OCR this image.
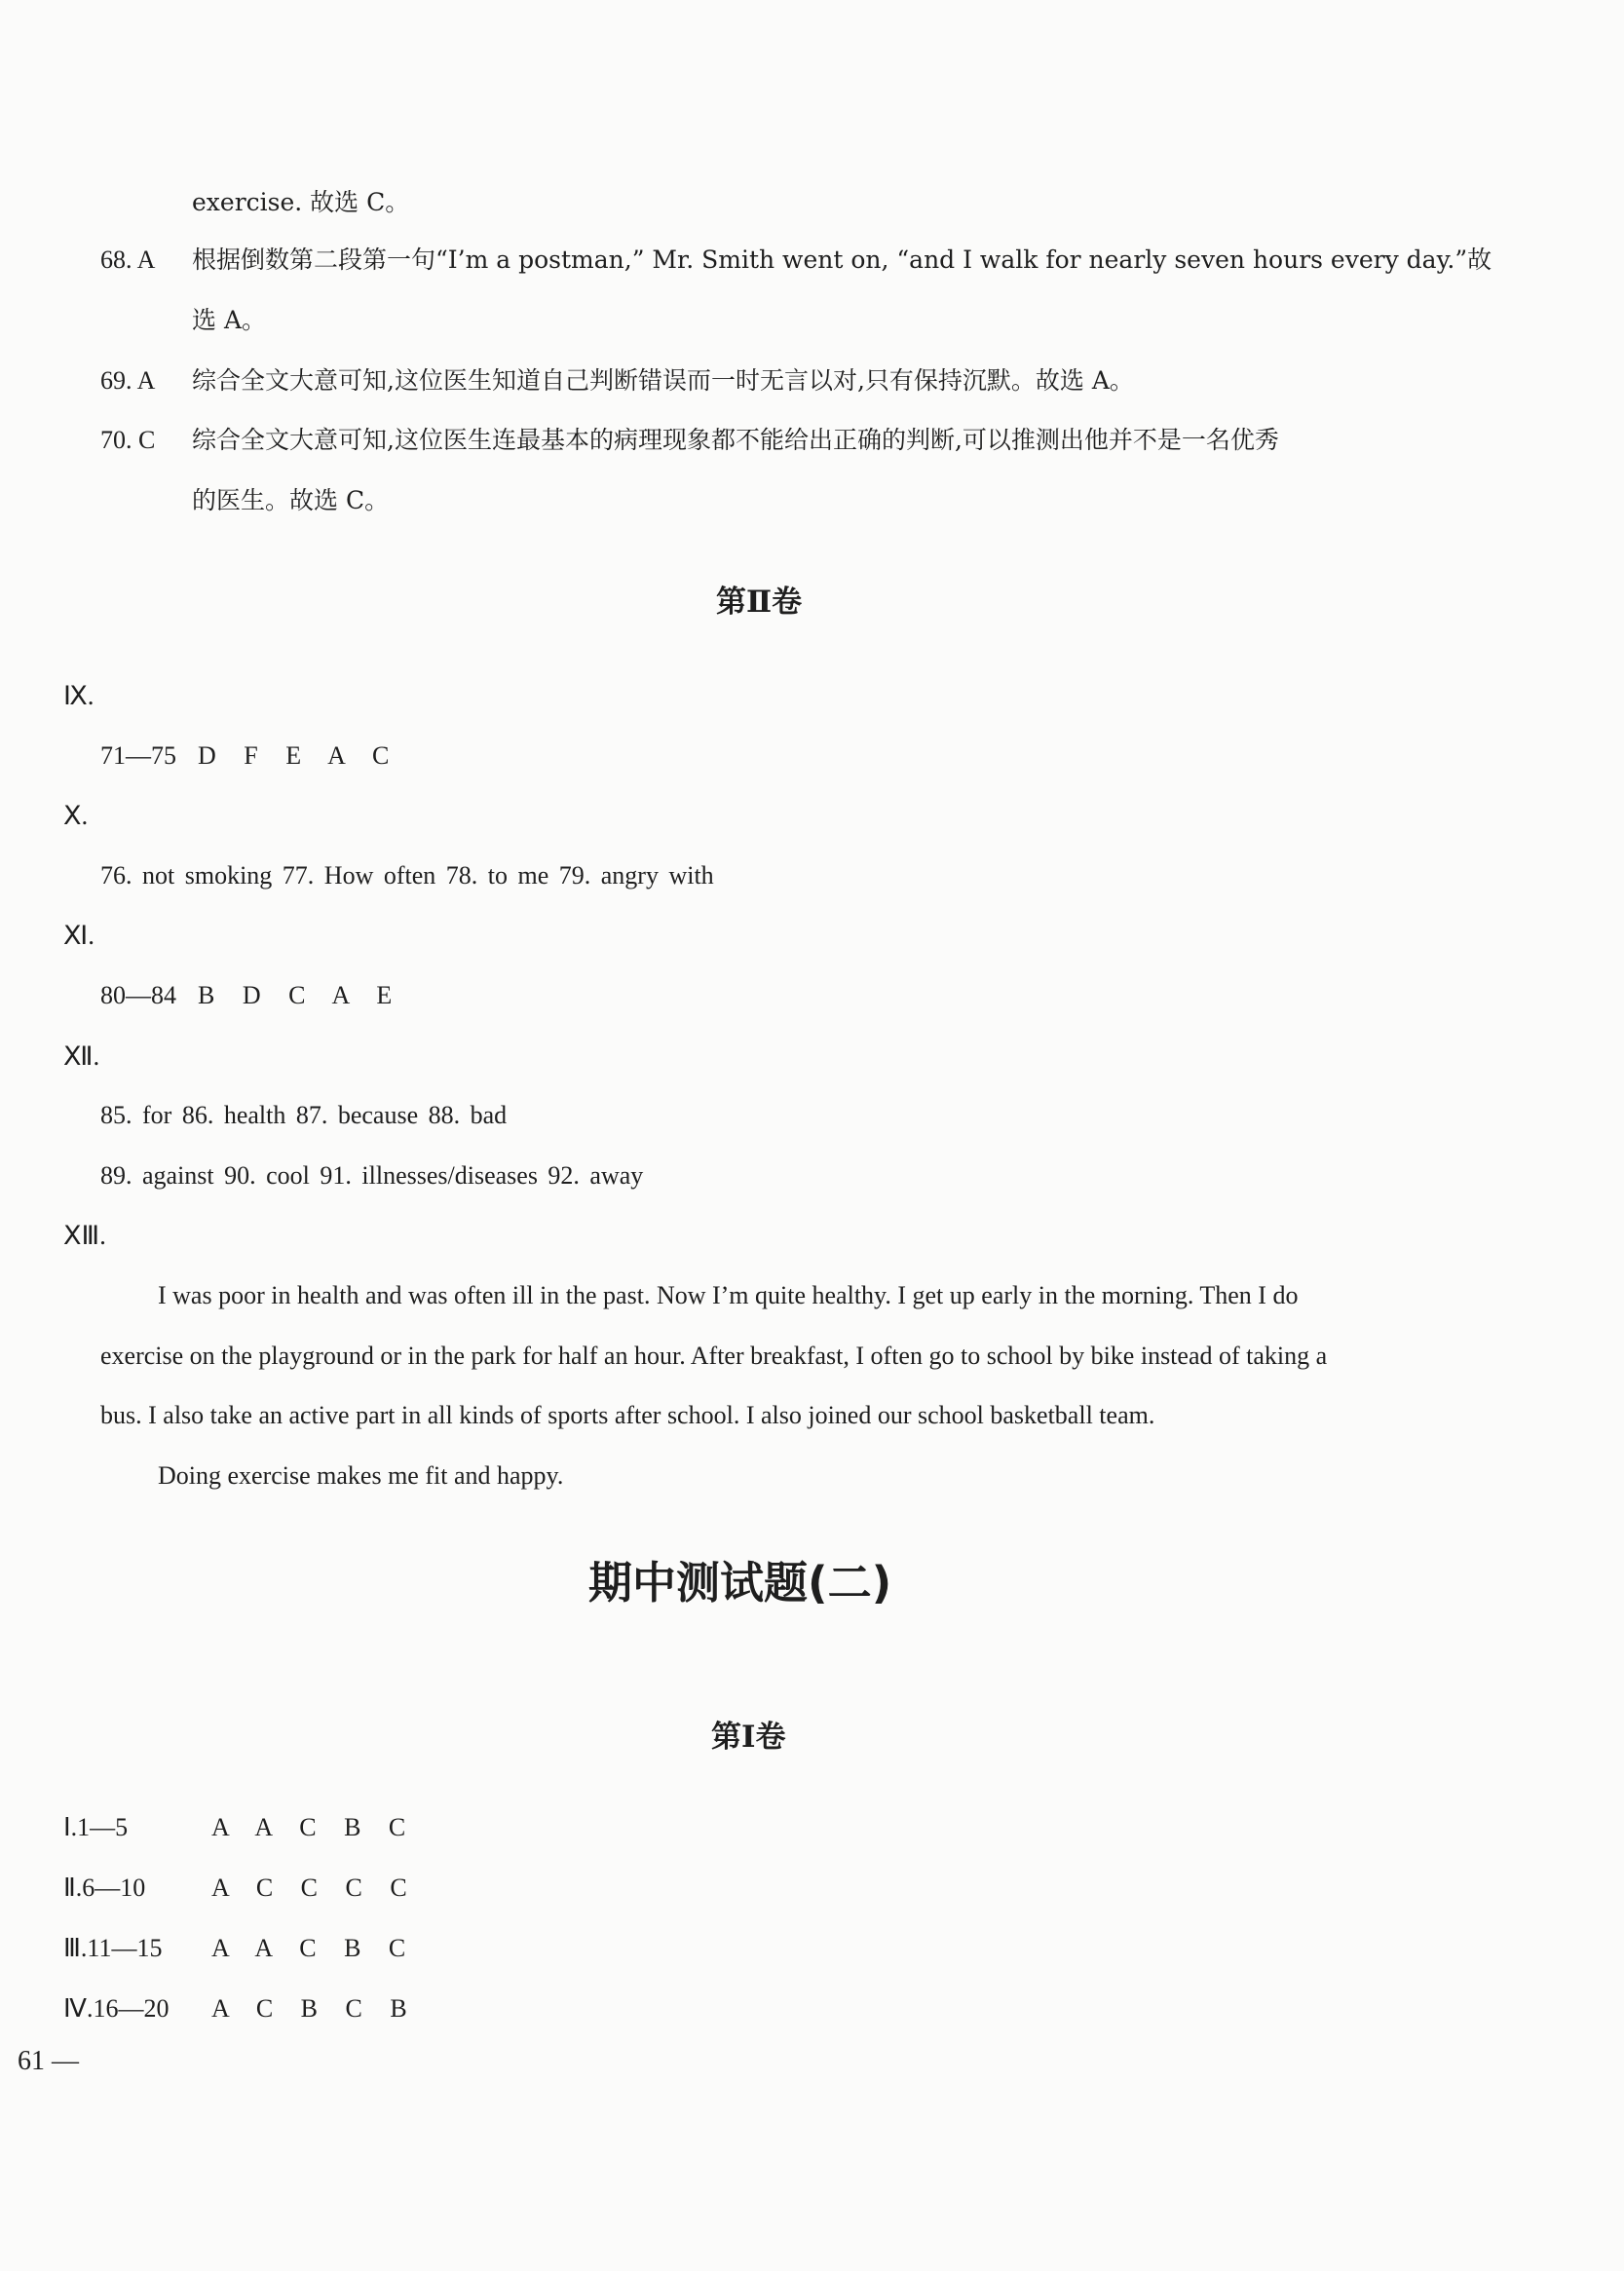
exercise. 故选 C。
68. A 根据倒数第二段第一句“I’m a postman,” Mr. Smith went on, “and I walk for nearly seven hours every day.”故
选 A。
69. A 综合全文大意可知,这位医生知道自己判断错误而一时无言以对,只有保持沉默。故选 A。
70. C 综合全文大意可知,这位医生连最基本的病理现象都不能给出正确的判断,可以推测出他并不是一名优秀
的医生。故选 C。
第Ⅱ卷
Ⅸ.
71—75 D F E A C
Ⅹ.
76. not smoking 77. How often 78. to me 79. angry with
Ⅺ.
80—84 B D C A E
Ⅻ.
85. for 86. health 87. because 88. bad
89. against 90. cool 91. illnesses/diseases 92. away
ⅩⅢ.
I was poor in health and was often ill in the past. Now I’m quite healthy. I get up early in the morning. Then I do
exercise on the playground or in the park for half an hour. After breakfast, I often go to school by bike instead of taking a
bus. I also take an active part in all kinds of sports after school. I also joined our school basketball team.
Doing exercise makes me fit and happy.
期中测试题(二)
第Ⅰ卷
Ⅰ.1—5	A A C B C
Ⅱ.6—10	A C C C C
Ⅲ.11—15 A A C B C
Ⅳ.16—20 A C B C B
61 —
